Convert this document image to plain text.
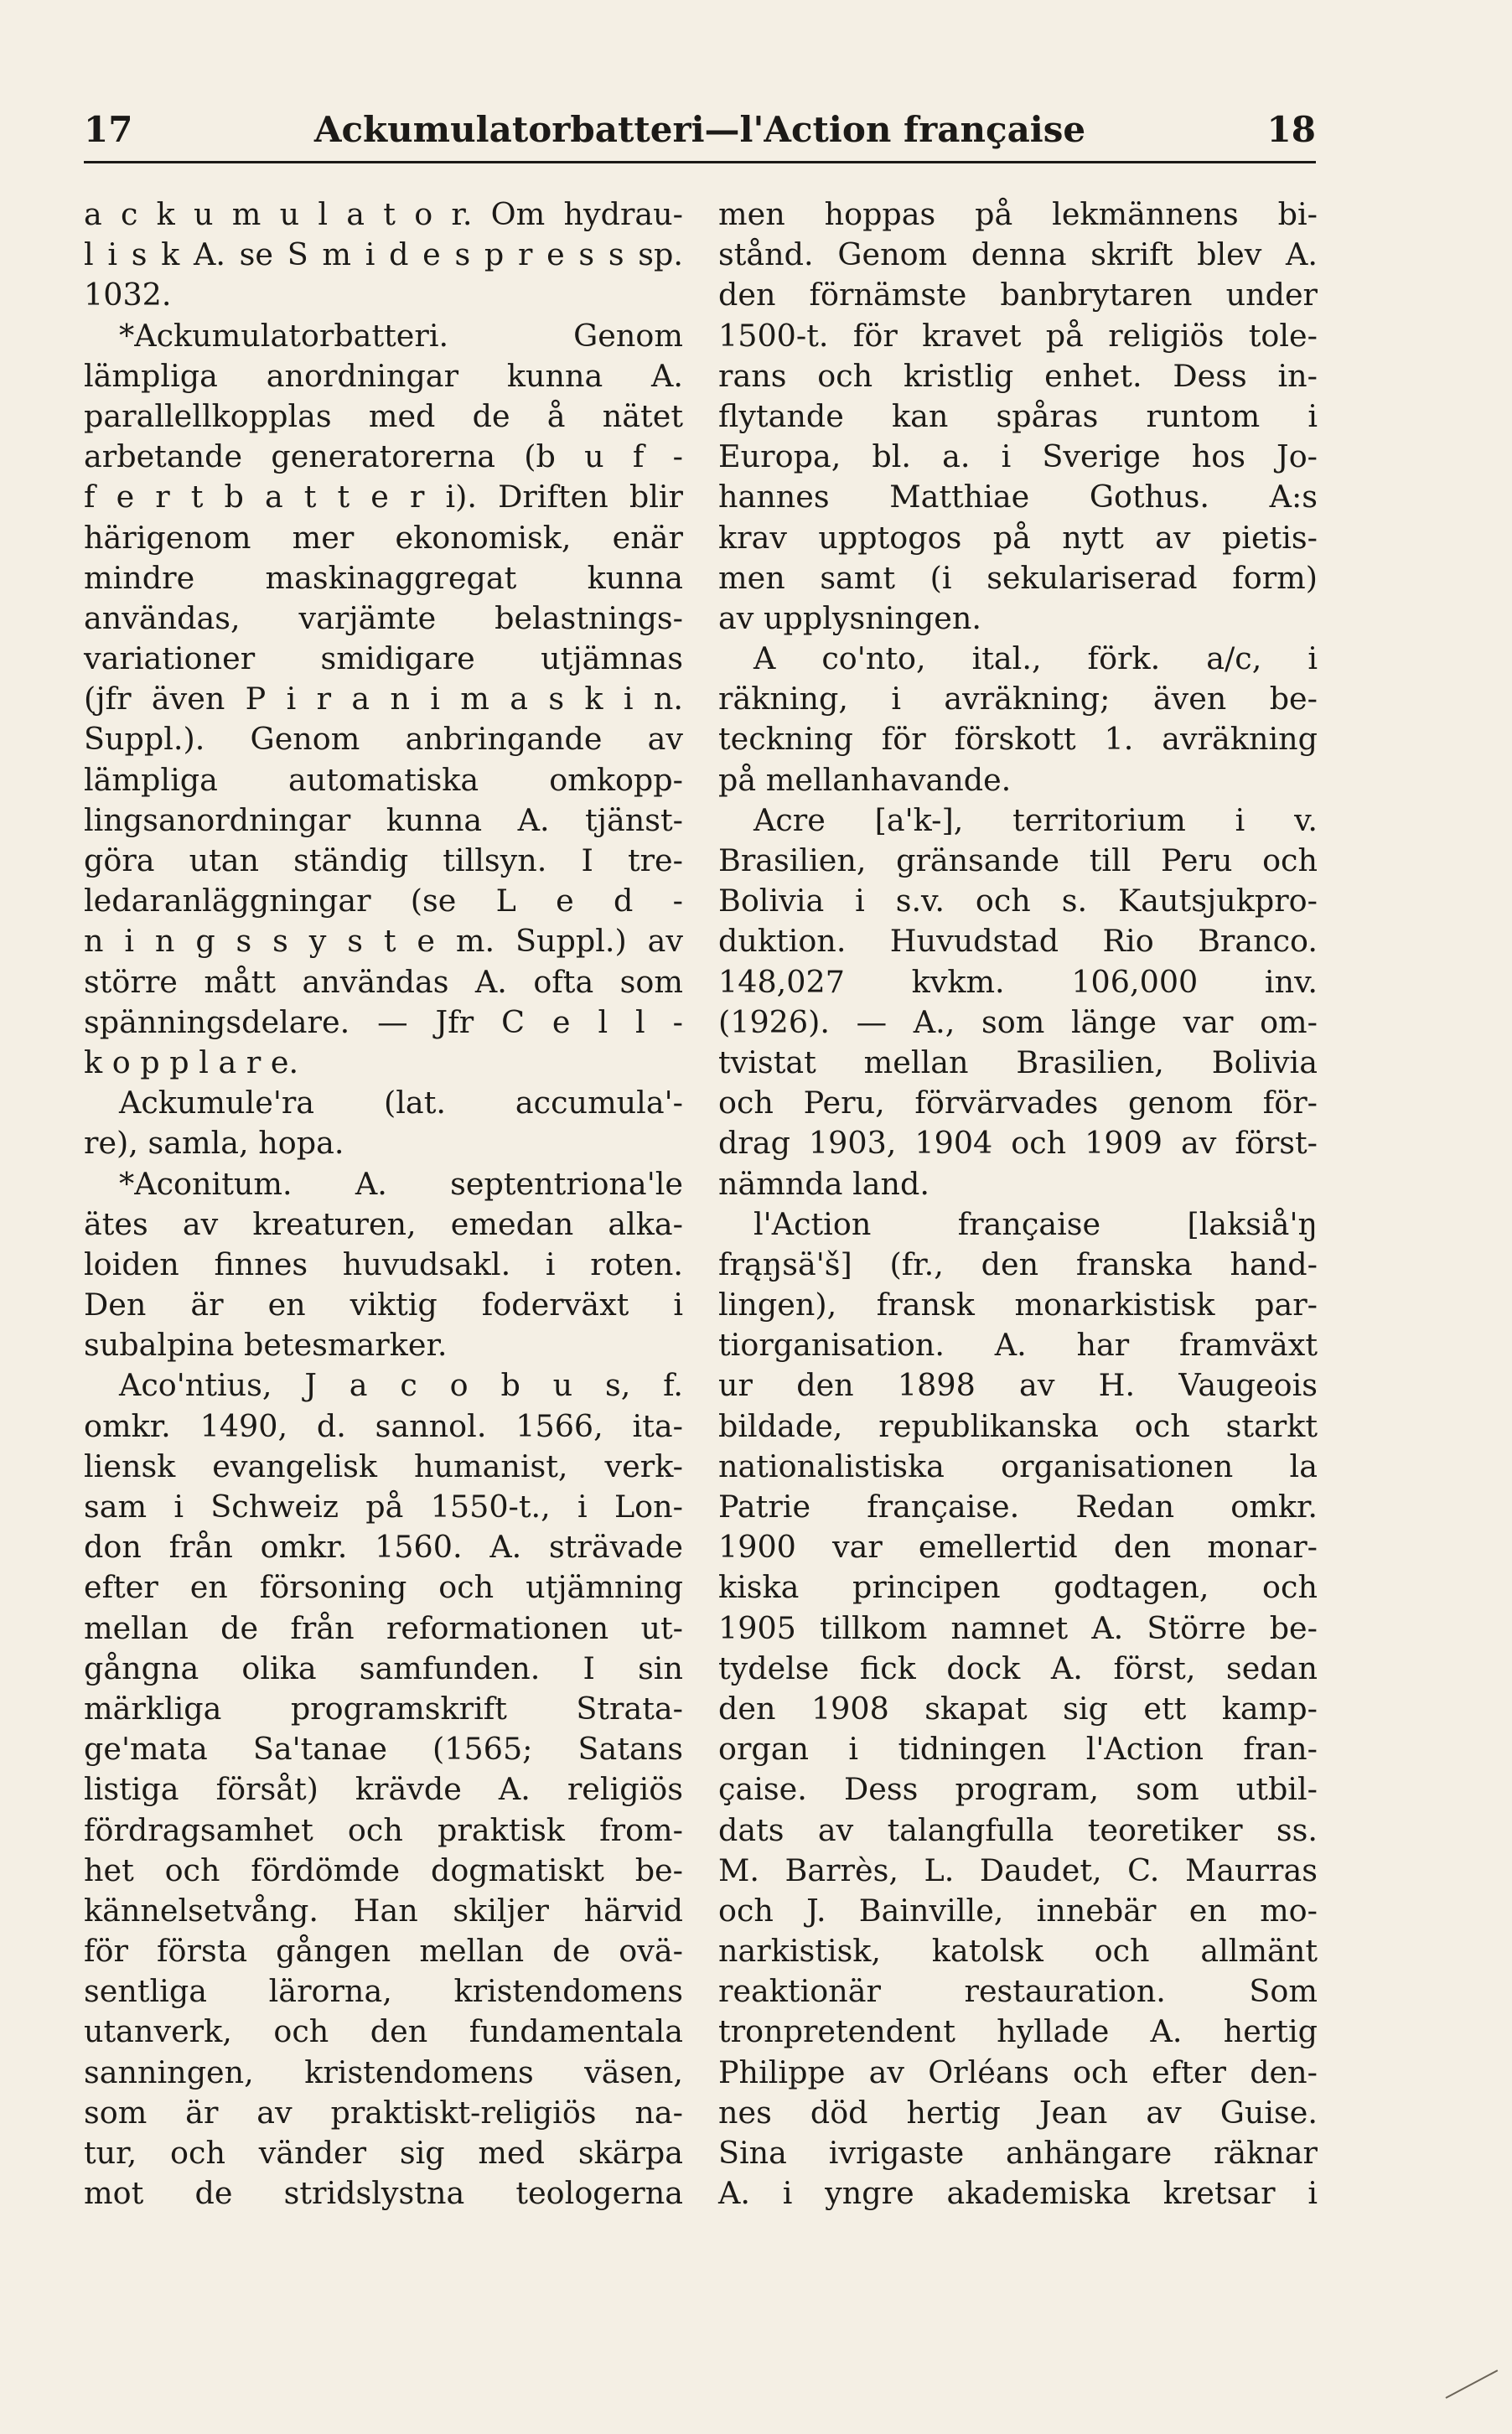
17	Ackumulatorbatteri—l'Action française	18
a c k u m u l a t o r. Om hydrau-
l i s k A. se S m i d e s p r e s s sp.
1032.
*Ackumulatorbatteri. Genom
lämpliga anordningar kunna A.
parallellkopplas med de å nätet
arbetande generatorerna (b u f -
f e r t b a t t e r i). Driften blir
härigenom mer ekonomisk, enär
mindre maskinaggregat kunna
användas, varjämte belastnings-
variationer smidigare utjämnas
(jfr även P i r a n i m a s k i n.
Suppl.). Genom anbringande av
lämpliga automatiska omkopp-
lingsanordningar kunna A. tjänst-
göra utan ständig tillsyn. I tre-
ledaranläggningar (se L e d -
n i n g s s y s t e m. Suppl.) av
större mått användas A. ofta som
spänningsdelare. — Jfr C e l l -
k o p p l a r e.
Ackumule'ra (lat. accumula'-
re), samla, hopa.
*Aconitum. A. septentriona'le
ätes av kreaturen, emedan alka-
loiden finnes huvudsakl. i roten.
Den är en viktig foderväxt i
subalpina betesmarker.
Aco'ntius, J a c o b u s, f.
omkr. 1490, d. sannol. 1566, ita-
liensk evangelisk humanist, verk-
sam i Schweiz på 1550-t., i Lon-
don från omkr. 1560. A. strävade
efter en försoning och utjämning
mellan de från reformationen ut-
gångna olika samfunden. I sin
märkliga programskrift Strata-
ge'mata Sa'tanae (1565; Satans
listiga försåt) krävde A. religiös
fördragsamhet och praktisk from-
het och fördömde dogmatiskt be-
kännelsetvång. Han skiljer härvid
för första gången mellan de ovä-
sentliga lärorna, kristendomens
utanverk, och den fundamentala
sanningen, kristendomens väsen,
som är av praktiskt-religiös na-
tur, och vänder sig med skärpa
mot de stridslystna teologerna
men hoppas på lekmännens bi-
stånd. Genom denna skrift blev A.
den förnämste banbrytaren under
1500-t. för kravet på religiös tole-
rans och kristlig enhet. Dess in-
flytande kan spåras runtom i
Europa, bl. a. i Sverige hos Jo-
hannes Matthiae Gothus. A:s
krav upptogos på nytt av pietis-
men samt (i sekulariserad form)
av upplysningen.
A co'nto, ital., förk. a/c, i
räkning, i avräkning; även be-
teckning för förskott 1. avräkning
på mellanhavande.
Acre [a'k-], territorium i v.
Brasilien, gränsande till Peru och
Bolivia i s.v. och s. Kautsjukpro-
duktion. Huvudstad Rio Branco.
148,027 kvkm. 106,000 inv.
(1926). — A., som länge var om-
tvistat mellan Brasilien, Bolivia
och Peru, förvärvades genom för-
drag 1903, 1904 och 1909 av först-
nämnda land.
l'Action française [laksiå'ŋ
frąŋsä'š] (fr., den franska hand-
lingen), fransk monarkistisk par-
tiorganisation. A. har framväxt
ur den 1898 av H. Vaugeois
bildade, republikanska och starkt
nationalistiska organisationen la
Patrie française. Redan omkr.
1900 var emellertid den monar-
kiska principen godtagen, och
1905 tillkom namnet A. Större be-
tydelse fick dock A. först, sedan
den 1908 skapat sig ett kamp-
organ i tidningen l'Action fran-
çaise. Dess program, som utbil-
dats av talangfulla teoretiker ss.
M. Barrès, L. Daudet, C. Maurras
och J. Bainville, innebär en mo-
narkistisk, katolsk och allmänt
reaktionär restauration. Som
tronpretendent hyllade A. hertig
Philippe av Orléans och efter den-
nes död hertig Jean av Guise.
Sina ivrigaste anhängare räknar
A. i yngre akademiska kretsar i
